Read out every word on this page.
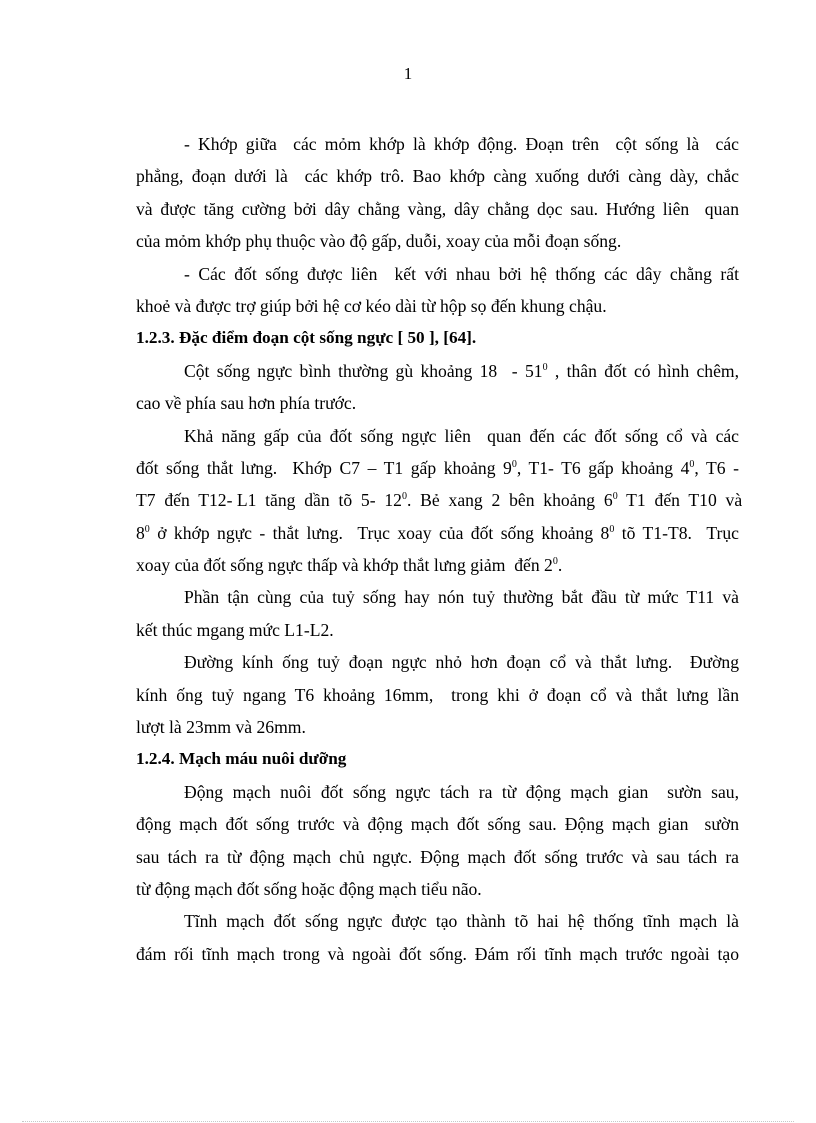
1
- Khớp giữa  các mỏm khớp là khớp động. Đoạn trên  cột sống là  các
phẳng, đoạn dưới là  các khớp trô. Bao khớp càng xuống dưới càng dày, chắc
và được tăng cường bởi dây chằng vàng, dây chằng dọc sau. Hướng liên  quan
của mỏm khớp phụ thuộc vào độ gấp, duỗi, xoay của mỗi đoạn sống.
- Các đốt sống được liên  kết với nhau bởi hệ thống các dây chằng rất
khoẻ và được trợ giúp bởi hệ cơ kéo dài từ hộp sọ đến khung chậu.
1.2.3. Đặc điểm đoạn cột sống ngực [ 50 ], [64].
Cột sống ngực bình thường gù khoảng $18 - 51^0$ , thân đốt có hình chêm,
cao về phía sau hơn phía trước.
Khả năng gấp của đốt sống ngực liên  quan đến các đốt sống cổ và các
đốt sống thắt lưng.  Khớp C7 – T1 gấp khoảng $9^0$, T1- T6 gấp khoảng $4^0$, T6 -
T7  đến  T12- L1  tăng  dần  tõ  5-  $12^0$.  Bẻ  xang  2  bên  khoảng  $6^0$  T1  đến  T10  và
$8^0$ ở khớp ngực - thắt lưng.  Trục xoay của đốt sống khoảng $8^0$ tõ T1-T8.  Trục
xoay của đốt sống ngực thấp và khớp thắt lưng giảm  đến $2^0$.
Phần tận cùng của tuỷ sống hay nón tuỷ thường bắt đầu từ mức T11 và
kết thúc mgang mức L1-L2.
Đường kính ống tuỷ đoạn ngực nhỏ hơn đoạn cổ và thắt lưng.  Đường
kính ống tuỷ ngang T6 khoảng 16mm,  trong khi ở đoạn cổ và thắt lưng lần
lượt là 23mm và 26mm.
1.2.4. Mạch máu nuôi dưỡng
Động mạch nuôi đốt sống ngực tách ra từ động mạch gian  sườn sau,
động mạch đốt sống trước và động mạch đốt sống sau. Động mạch gian  sườn
sau tách ra từ động mạch chủ ngực. Động mạch đốt sống trước và sau tách ra
từ động mạch đốt sống hoặc động mạch tiểu não.
Tĩnh mạch đốt sống ngực được tạo thành tõ hai hệ thống tĩnh mạch là
đám rối tĩnh mạch trong và ngoài đốt sống. Đám rối tĩnh mạch trước ngoài tạo
